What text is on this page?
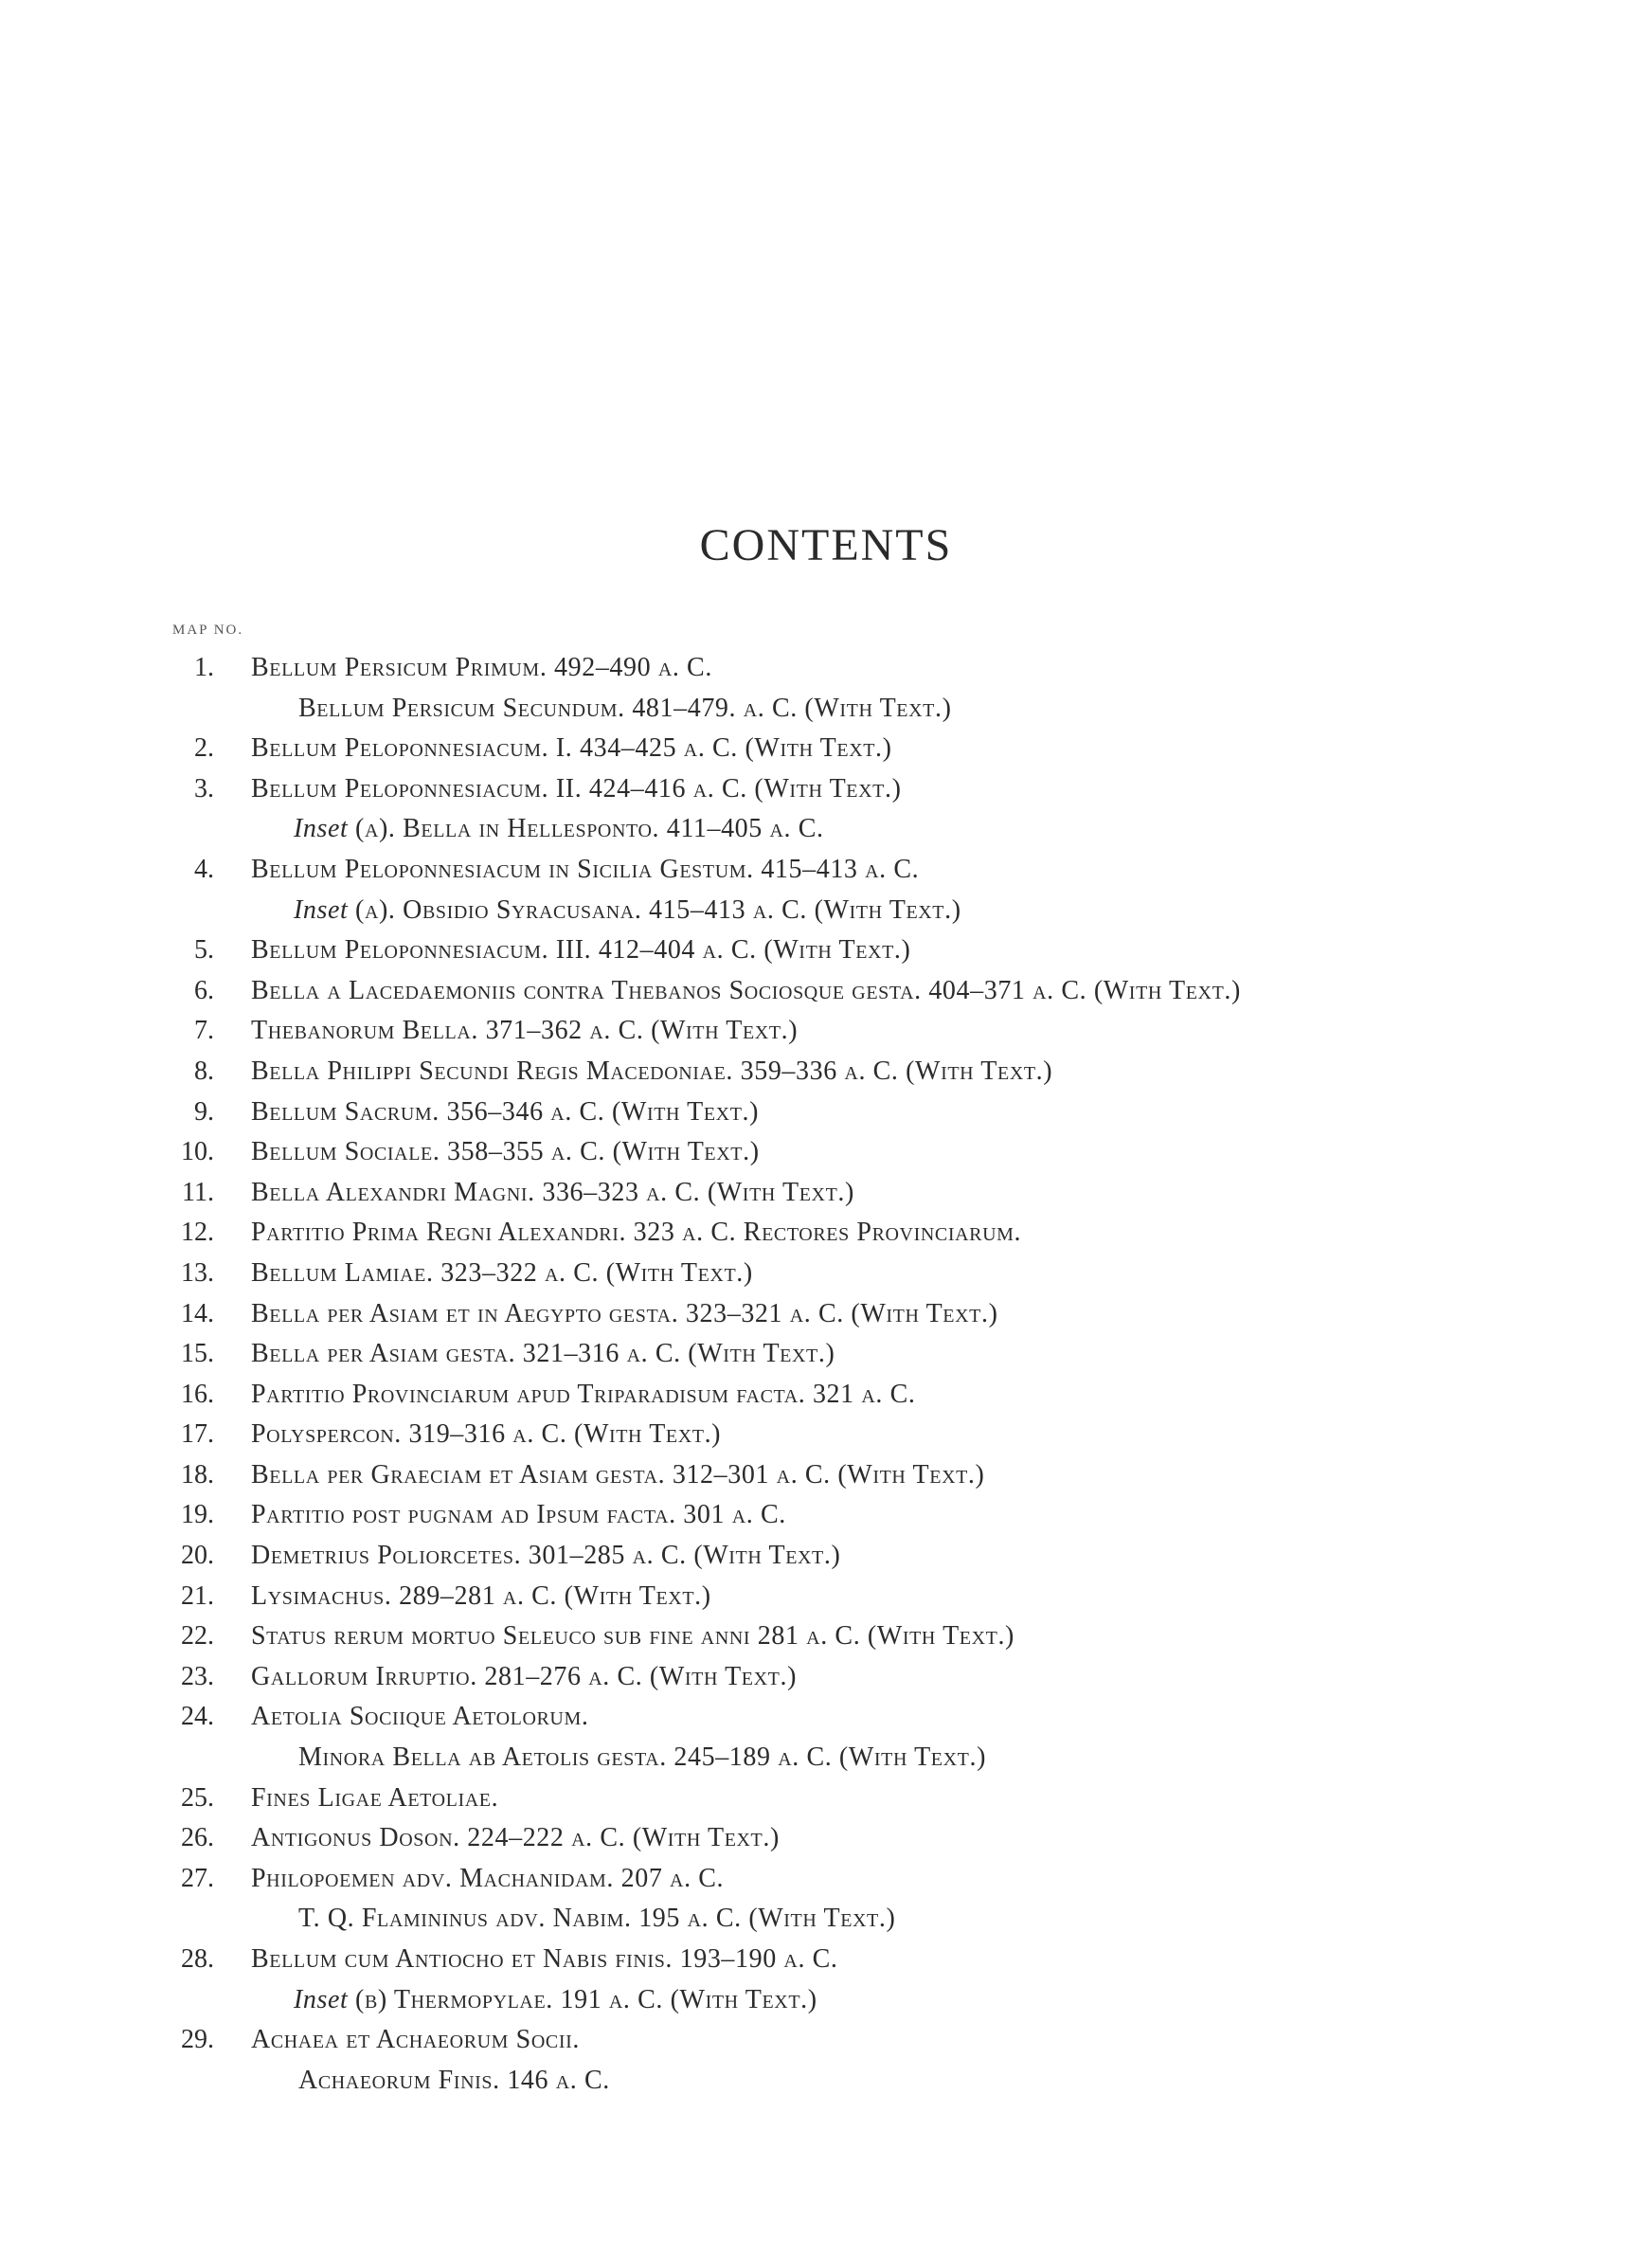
CONTENTS
MAP NO.
1. Bellum Persicum Primum. 492–490 a. C.
Bellum Persicum Secundum. 481–479. a. C. (With Text.)
2. Bellum Peloponnesiacum. I. 434–425 a. C. (With Text.)
3. Bellum Peloponnesiacum. II. 424–416 a. C. (With Text.)
Inset (a). Bella in Hellesponto. 411–405 a. C.
4. Bellum Peloponnesiacum in Sicilia Gestum. 415–413 a. C.
Inset (a). Obsidio Syracusana. 415–413 a. C. (With Text.)
5. Bellum Peloponnesiacum. III. 412–404 a. C. (With Text.)
6. Bella a Lacedaemoniis contra Thebanos Sociosque gesta. 404–371 a. C. (With Text.)
7. Thebanorum Bella. 371–362 a. C. (With Text.)
8. Bella Philippi Secundi Regis Macedoniae. 359–336 a. C. (With Text.)
9. Bellum Sacrum. 356–346 a. C. (With Text.)
10. Bellum Sociale. 358–355 a. C. (With Text.)
11. Bella Alexandri Magni. 336–323 a. C. (With Text.)
12. Partitio Prima Regni Alexandri. 323 a. C. Rectores Provinciarum.
13. Bellum Lamiae. 323–322 a. C. (With Text.)
14. Bella per Asiam et in Aegypto gesta. 323–321 a. C. (With Text.)
15. Bella per Asiam gesta. 321–316 a. C. (With Text.)
16. Partitio Provinciarum apud Triparadisum facta. 321 a. C.
17. Polyspercon. 319–316 a. C. (With Text.)
18. Bella per Graeciam et Asiam gesta. 312–301 a. C. (With Text.)
19. Partitio post pugnam ad Ipsum facta. 301 a. C.
20. Demetrius Poliorcetes. 301–285 a. C. (With Text.)
21. Lysimachus. 289–281 a. C. (With Text.)
22. Status rerum mortuo Seleuco sub fine anni 281 a. C. (With Text.)
23. Gallorum Irruptio. 281–276 a. C. (With Text.)
24. Aetolia Sociique Aetolorum.
Minora Bella ab Aetolis gesta. 245–189 a. C. (With Text.)
25. Fines Ligae Aetoliae.
26. Antigonus Doson. 224–222 a. C. (With Text.)
27. Philopoemen adv. Machanidam. 207 a. C.
T. Q. Flamininus adv. Nabim. 195 a. C. (With Text.)
28. Bellum cum Antiocho et Nabis finis. 193–190 a. C.
Inset (b) Thermopylae. 191 a. C. (With Text.)
29. Achaea et Achaeorum Socii.
Achaeorum Finis. 146 a. C.
